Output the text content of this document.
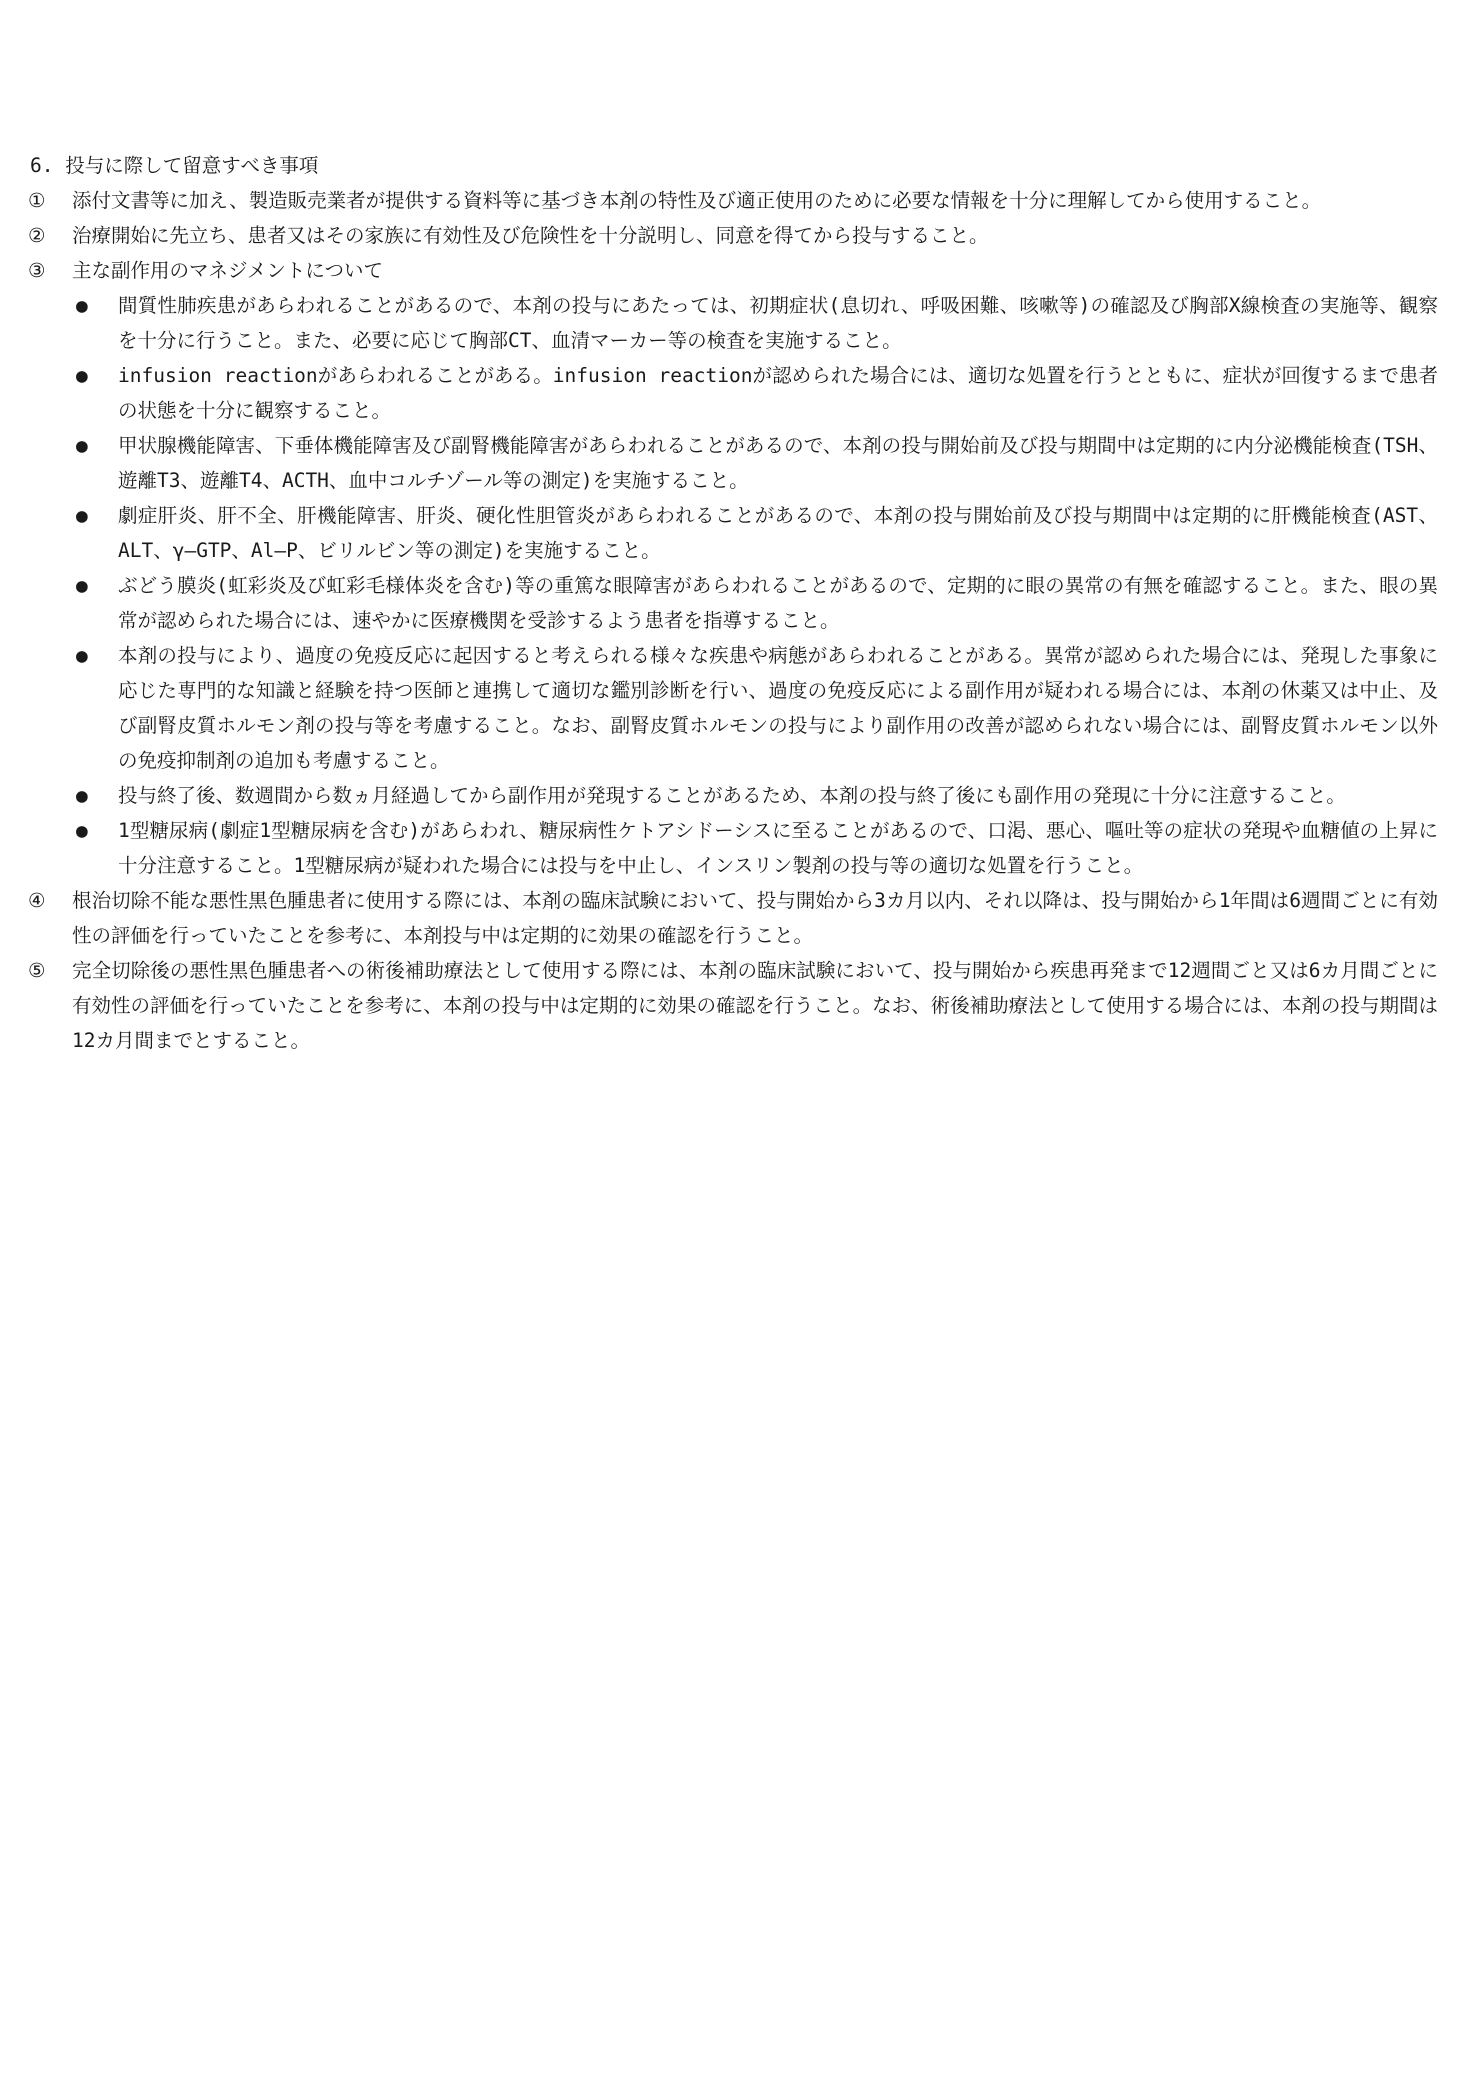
6. 投与に際して留意すべき事項
①	添付文書等に加え、製造販売業者が提供する資料等に基づき本剤の特性及び適正使用のために必要な情報を十分に理解してから使用すること。
②	治療開始に先立ち、患者又はその家族に有効性及び危険性を十分説明し、同意を得てから投与すること。
③	主な副作用のマネジメントについて
●	間質性肺疾患があらわれることがあるので、本剤の投与にあたっては、初期症状(息切れ、呼吸困難、咳嗽等)の確認及び胸部X線検査の実施等、観察を十分に行うこと。また、必要に応じて胸部CT、血清マーカー等の検査を実施すること。
●	infusion reactionがあらわれることがある。infusion reactionが認められた場合には、適切な処置を行うとともに、症状が回復するまで患者の状態を十分に観察すること。
●	甲状腺機能障害、下垂体機能障害及び副腎機能障害があらわれることがあるので、本剤の投与開始前及び投与期間中は定期的に内分泌機能検査(TSH、遊離T3、遊離T4、ACTH、血中コルチゾール等の測定)を実施すること。
●	劇症肝炎、肝不全、肝機能障害、肝炎、硬化性胆管炎があらわれることがあるので、本剤の投与開始前及び投与期間中は定期的に肝機能検査(AST、ALT、γ―GTP、Al―P、ビリルビン等の測定)を実施すること。
●	ぶどう膜炎(虹彩炎及び虹彩毛様体炎を含む)等の重篤な眼障害があらわれることがあるので、定期的に眼の異常の有無を確認すること。また、眼の異常が認められた場合には、速やかに医療機関を受診するよう患者を指導すること。
●	本剤の投与により、過度の免疫反応に起因すると考えられる様々な疾患や病態があらわれることがある。異常が認められた場合には、発現した事象に応じた専門的な知識と経験を持つ医師と連携して適切な鑑別診断を行い、過度の免疫反応による副作用が疑われる場合には、本剤の休薬又は中止、及び副腎皮質ホルモン剤の投与等を考慮すること。なお、副腎皮質ホルモンの投与により副作用の改善が認められない場合には、副腎皮質ホルモン以外の免疫抑制剤の追加も考慮すること。
●	投与終了後、数週間から数ヵ月経過してから副作用が発現することがあるため、本剤の投与終了後にも副作用の発現に十分に注意すること。
●	1型糖尿病(劇症1型糖尿病を含む)があらわれ、糖尿病性ケトアシドーシスに至ることがあるので、口渇、悪心、嘔吐等の症状の発現や血糖値の上昇に十分注意すること。1型糖尿病が疑われた場合には投与を中止し、インスリン製剤の投与等の適切な処置を行うこと。
④	根治切除不能な悪性黒色腫患者に使用する際には、本剤の臨床試験において、投与開始から3カ月以内、それ以降は、投与開始から1年間は6週間ごとに有効性の評価を行っていたことを参考に、本剤投与中は定期的に効果の確認を行うこと。
⑤	完全切除後の悪性黒色腫患者への術後補助療法として使用する際には、本剤の臨床試験において、投与開始から疾患再発まで12週間ごと又は6カ月間ごとに有効性の評価を行っていたことを参考に、本剤の投与中は定期的に効果の確認を行うこと。なお、術後補助療法として使用する場合には、本剤の投与期間は12カ月間までとすること。
